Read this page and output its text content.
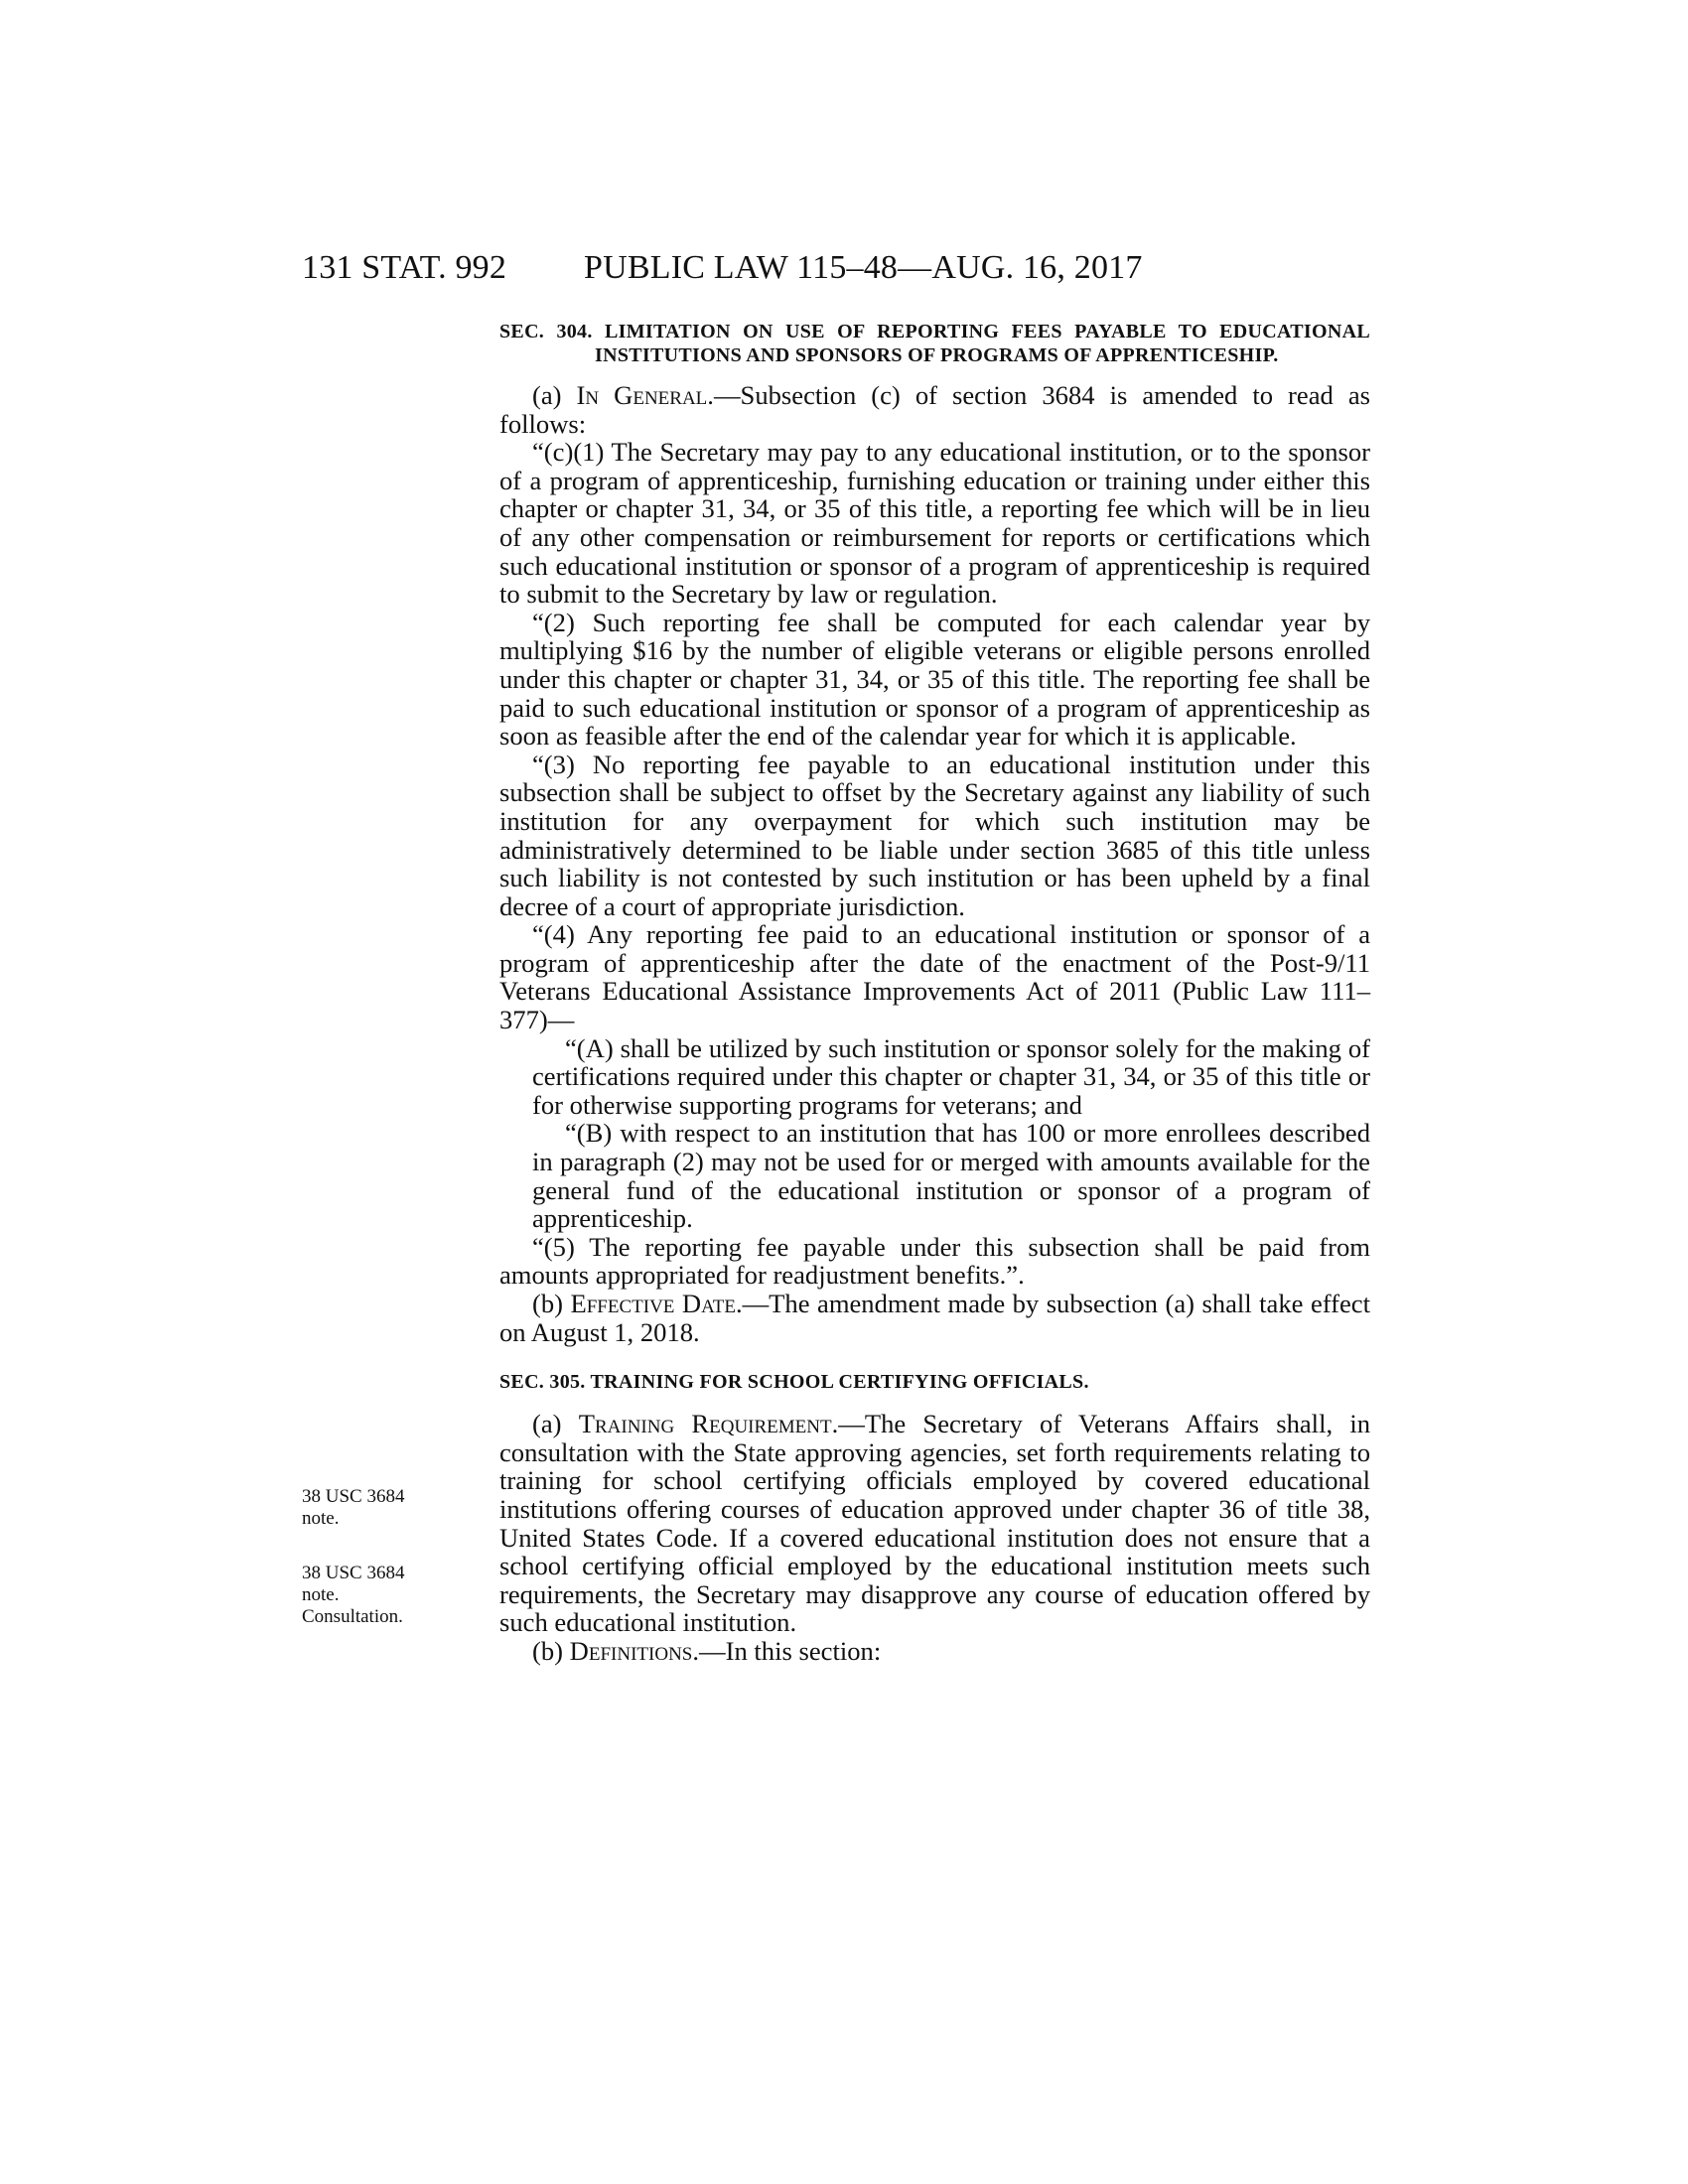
131 STAT. 992 PUBLIC LAW 115–48—AUG. 16, 2017
38 USC 3684
note.
38 USC 3684
note.
Consultation.
SEC. 304. LIMITATION ON USE OF REPORTING FEES PAYABLE TO EDUCATIONAL INSTITUTIONS AND SPONSORS OF PROGRAMS OF APPRENTICESHIP.

(a) In General.—Subsection (c) of section 3684 is amended to read as follows:

“(c)(1) The Secretary may pay to any educational institution, or to the sponsor of a program of apprenticeship, furnishing education or training under either this chapter or chapter 31, 34, or 35 of this title, a reporting fee which will be in lieu of any other compensation or reimbursement for reports or certifications which such educational institution or sponsor of a program of apprenticeship is required to submit to the Secretary by law or regulation.

“(2) Such reporting fee shall be computed for each calendar year by multiplying $16 by the number of eligible veterans or eligible persons enrolled under this chapter or chapter 31, 34, or 35 of this title. The reporting fee shall be paid to such educational institution or sponsor of a program of apprenticeship as soon as feasible after the end of the calendar year for which it is applicable.

“(3) No reporting fee payable to an educational institution under this subsection shall be subject to offset by the Secretary against any liability of such institution for any overpayment for which such institution may be administratively determined to be liable under section 3685 of this title unless such liability is not contested by such institution or has been upheld by a final decree of a court of appropriate jurisdiction.

“(4) Any reporting fee paid to an educational institution or sponsor of a program of apprenticeship after the date of the enactment of the Post-9/11 Veterans Educational Assistance Improvements Act of 2011 (Public Law 111–377)—

“(A) shall be utilized by such institution or sponsor solely for the making of certifications required under this chapter or chapter 31, 34, or 35 of this title or for otherwise supporting programs for veterans; and

“(B) with respect to an institution that has 100 or more enrollees described in paragraph (2) may not be used for or merged with amounts available for the general fund of the educational institution or sponsor of a program of apprenticeship.

“(5) The reporting fee payable under this subsection shall be paid from amounts appropriated for readjustment benefits.”.

(b) Effective Date.—The amendment made by subsection (a) shall take effect on August 1, 2018.

SEC. 305. TRAINING FOR SCHOOL CERTIFYING OFFICIALS.

(a) Training Requirement.—The Secretary of Veterans Affairs shall, in consultation with the State approving agencies, set forth requirements relating to training for school certifying officials employed by covered educational institutions offering courses of education approved under chapter 36 of title 38, United States Code. If a covered educational institution does not ensure that a school certifying official employed by the educational institution meets such requirements, the Secretary may disapprove any course of education offered by such educational institution.

(b) Definitions.—In this section:
